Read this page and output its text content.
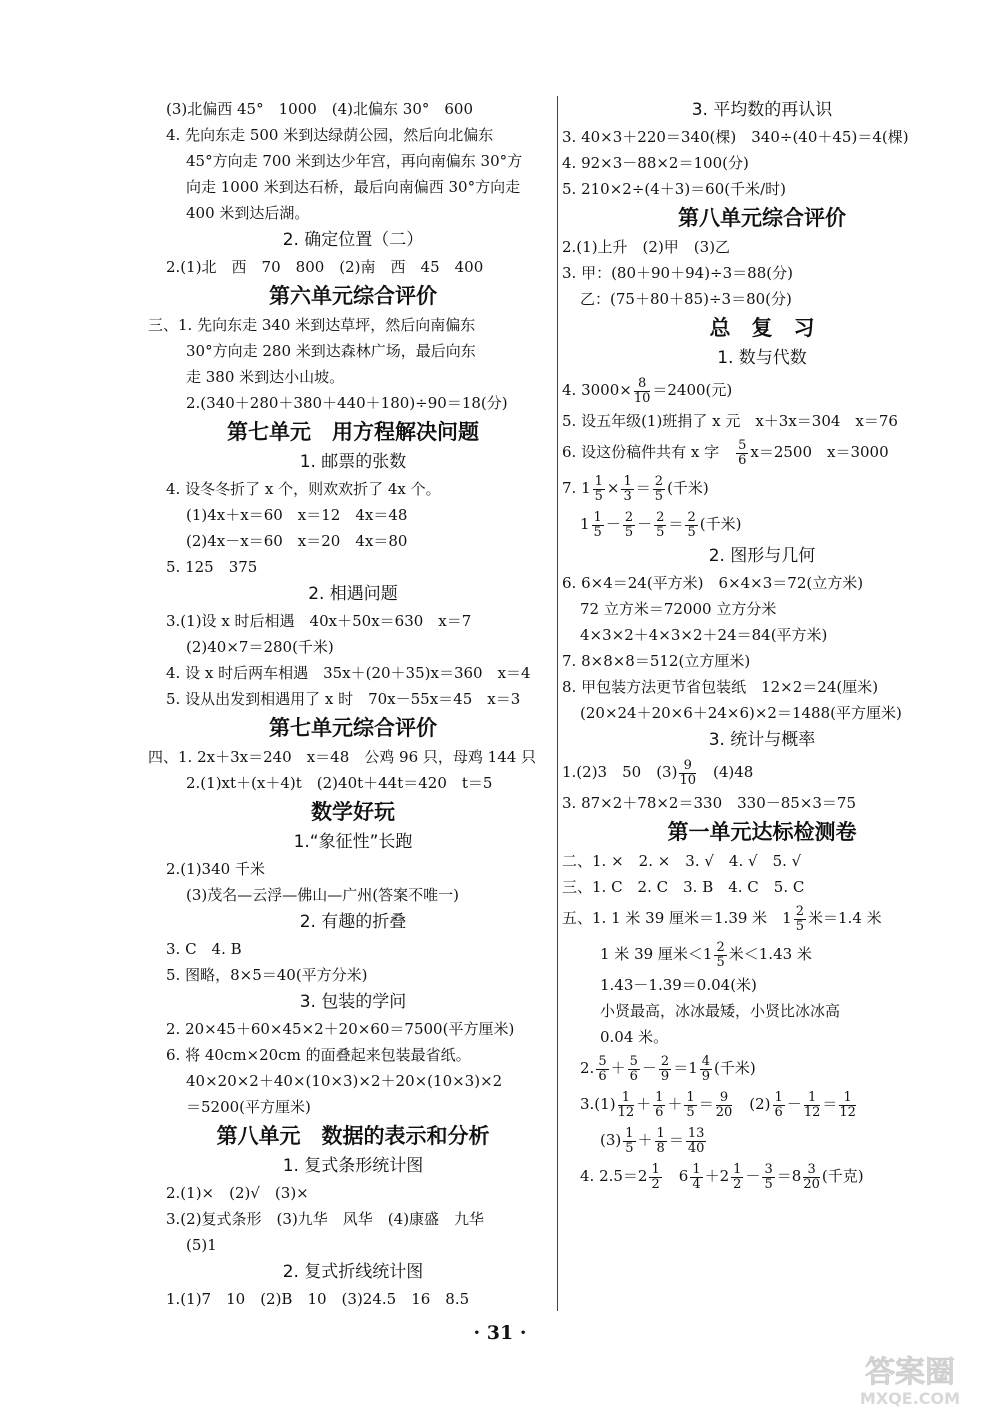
(3)北偏西 45°　1000　(4)北偏东 30°　600
4. 先向东走 500 米到达绿荫公园，然后向北偏东
45°方向走 700 米到达少年宫，再向南偏东 30°方
向走 1000 米到达石桥，最后向南偏西 30°方向走
400 米到达后湖。
2. 确定位置（二）
2.(1)北　西　70　800　(2)南　西　45　400
第六单元综合评价
三、1. 先向东走 340 米到达草坪，然后向南偏东
30°方向走 280 米到达森林广场，最后向东
走 380 米到达小山坡。
2.(340＋280＋380＋440＋180)÷90＝18(分)
第七单元　用方程解决问题
1. 邮票的张数
4. 设冬冬折了 x 个，则欢欢折了 4x 个。
(1)4x＋x＝60　x＝12　4x＝48
(2)4x－x＝60　x＝20　4x＝80
5. 125　375
2. 相遇问题
3.(1)设 x 时后相遇　40x＋50x＝630　x＝7
(2)40×7＝280(千米)
4. 设 x 时后两车相遇　35x＋(20＋35)x＝360　x＝4
5. 设从出发到相遇用了 x 时　70x－55x＝45　x＝3
第七单元综合评价
四、1. 2x＋3x＝240　x＝48　公鸡 96 只，母鸡 144 只
2.(1)xt＋(x＋4)t　(2)40t＋44t＝420　t＝5
数学好玩
1.“象征性”长跑
2.(1)340 千米
(3)茂名—云浮—佛山—广州(答案不唯一)
2. 有趣的折叠
3. C　4. B
5. 图略，8×5＝40(平方分米)
3. 包装的学问
2. 20×45＋60×45×2＋20×60＝7500(平方厘米)
6. 将 40cm×20cm 的面叠起来包装最省纸。
40×20×2＋40×(10×3)×2＋20×(10×3)×2
＝5200(平方厘米)
第八单元　数据的表示和分析
1. 复式条形统计图
2.(1)×　(2)√　(3)×
3.(2)复式条形　(3)九华　风华　(4)康盛　九华
(5)1
2. 复式折线统计图
1.(1)7　10　(2)B　10　(3)24.5　16　8.5
3. 平均数的再认识
3. 40×3＋220＝340(棵)　340÷(40＋45)＝4(棵)
4. 92×3－88×2＝100(分)
5. 210×2÷(4＋3)＝60(千米/时)
第八单元综合评价
2.(1)上升　(2)甲　(3)乙
3. 甲：(80＋90＋94)÷3＝88(分)
乙：(75＋80＋85)÷3＝80(分)
总　复　习
1. 数与代数
4. $3000\times \frac{8}{10} =2400$(元)
5. 设五年级(1)班捐了 x 元　x＋3x＝304　x＝76
6. 设这份稿件共有 x 字　 $\frac{5}{6} x=2500$　x＝3000
7. $1 \frac{1}{5} \times \frac{1}{3} = \frac{2}{5}$ (千米)
$1 \frac{1}{5} - \frac{2}{5} - \frac{2}{5} = \frac{2}{5}$ (千米)
2. 图形与几何
6. 6×4＝24(平方米)　6×4×3＝72(立方米)
72 立方米＝72000 立方分米
4×3×2＋4×3×2＋24＝84(平方米)
7. 8×8×8＝512(立方厘米)
8. 甲包装方法更节省包装纸　12×2＝24(厘米)
(20×24＋20×6＋24×6)×2＝1488(平方厘米)
3. 统计与概率
1.(2)3　50　$(3) \frac{9}{10}$
　 (4)48
3. 87×2＋78×2＝330　330－85×3＝75
第一单元达标检测卷
二、1. ×　2. ×　3. √　4. √　5. √
三、1. C　2. C　3. B　4. C　5. C
五、1. 1 米 39 厘米＝1.39 米　$1 \frac{2}{5}$ 米＝1.4 米
1 米 39 厘米$<1 \frac{2}{5}$ 米＜1.43 米
1.43－1.39＝0.04(米)
小贤最高，冰冰最矮，小贤比冰冰高
0.04 米。
2. $\frac{5}{6} + \frac{5}{6} - \frac{2}{9} =1 \frac{4}{9}$ (千米)
$3.(1) \frac{1}{12} + \frac{1}{6} + \frac{1}{5} = \frac{9}{20}$
　 $(2) \frac{1}{6} - \frac{1}{12} = \frac{1}{12}$
$(3) \frac{1}{5} + \frac{1}{8} = \frac{13}{40}$
4. $2.5=2 \frac{1}{2}$
　 $6 \frac{1}{4} +2 \frac{1}{2} - \frac{3}{5} =8 \frac{3}{20}$ (千克)
· 31 ·
答案圈
MXQE.COM
